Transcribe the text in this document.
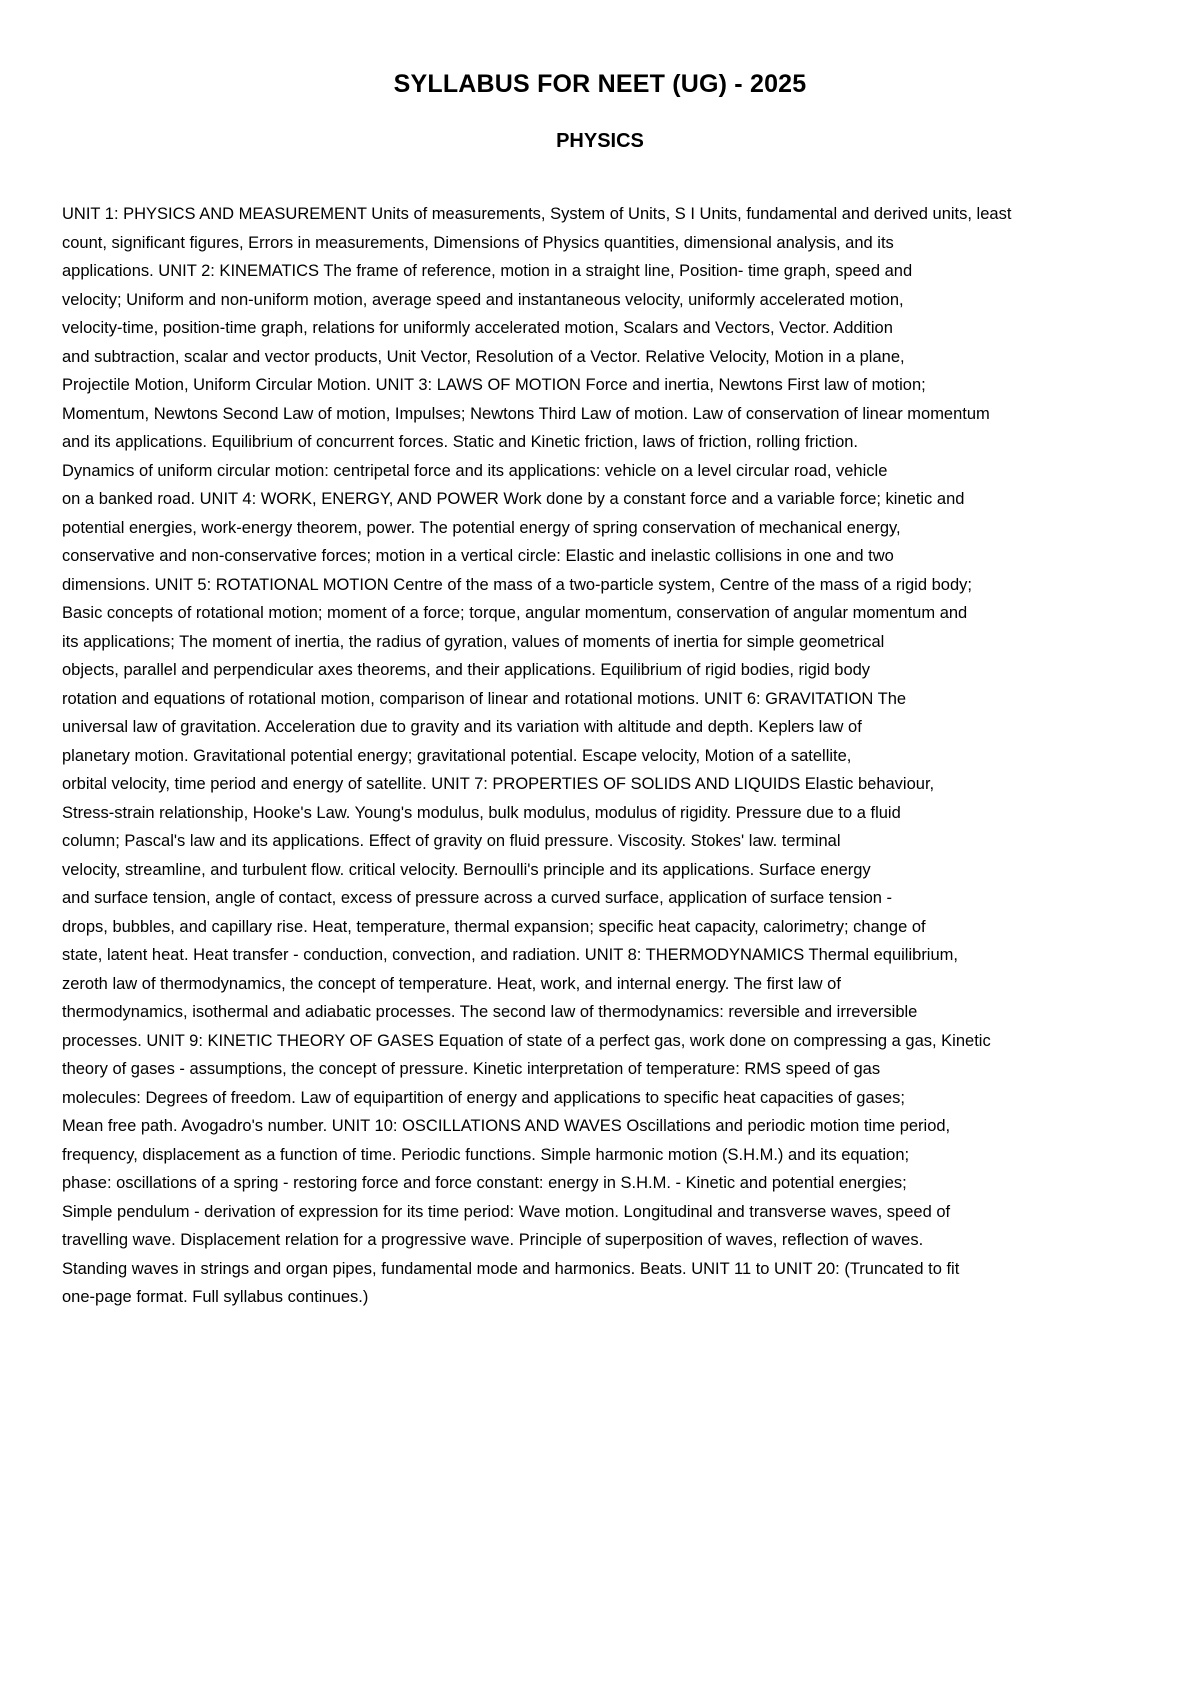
SYLLABUS FOR NEET (UG) - 2025
PHYSICS
UNIT 1: PHYSICS AND MEASUREMENT Units of measurements, System of Units, S I Units, fundamental and derived units, least
count, significant figures, Errors in measurements, Dimensions of Physics quantities, dimensional analysis, and its
applications. UNIT 2: KINEMATICS The frame of reference, motion in a straight line, Position- time graph, speed and
velocity; Uniform and non-uniform motion, average speed and instantaneous velocity, uniformly accelerated motion,
velocity-time, position-time graph, relations for uniformly accelerated motion, Scalars and Vectors, Vector. Addition
and subtraction, scalar and vector products, Unit Vector, Resolution of a Vector. Relative Velocity, Motion in a plane,
Projectile Motion, Uniform Circular Motion. UNIT 3: LAWS OF MOTION Force and inertia, Newtons First law of motion;
Momentum, Newtons Second Law of motion, Impulses; Newtons Third Law of motion. Law of conservation of linear momentum
and its applications. Equilibrium of concurrent forces. Static and Kinetic friction, laws of friction, rolling friction.
Dynamics of uniform circular motion: centripetal force and its applications: vehicle on a level circular road, vehicle
on a banked road. UNIT 4: WORK, ENERGY, AND POWER Work done by a constant force and a variable force; kinetic and
potential energies, work-energy theorem, power. The potential energy of spring conservation of mechanical energy,
conservative and non-conservative forces; motion in a vertical circle: Elastic and inelastic collisions in one and two
dimensions. UNIT 5: ROTATIONAL MOTION Centre of the mass of a two-particle system, Centre of the mass of a rigid body;
Basic concepts of rotational motion; moment of a force; torque, angular momentum, conservation of angular momentum and
its applications; The moment of inertia, the radius of gyration, values of moments of inertia for simple geometrical
objects, parallel and perpendicular axes theorems, and their applications. Equilibrium of rigid bodies, rigid body
rotation and equations of rotational motion, comparison of linear and rotational motions. UNIT 6: GRAVITATION The
universal law of gravitation. Acceleration due to gravity and its variation with altitude and depth. Keplers law of
planetary motion. Gravitational potential energy; gravitational potential. Escape velocity, Motion of a satellite,
orbital velocity, time period and energy of satellite. UNIT 7: PROPERTIES OF SOLIDS AND LIQUIDS Elastic behaviour,
Stress-strain relationship, Hooke's Law. Young's modulus, bulk modulus, modulus of rigidity. Pressure due to a fluid
column; Pascal's law and its applications. Effect of gravity on fluid pressure. Viscosity. Stokes' law. terminal
velocity, streamline, and turbulent flow. critical velocity. Bernoulli's principle and its applications. Surface energy
and surface tension, angle of contact, excess of pressure across a curved surface, application of surface tension -
drops, bubbles, and capillary rise. Heat, temperature, thermal expansion; specific heat capacity, calorimetry; change of
state, latent heat. Heat transfer - conduction, convection, and radiation. UNIT 8: THERMODYNAMICS Thermal equilibrium,
zeroth law of thermodynamics, the concept of temperature. Heat, work, and internal energy. The first law of
thermodynamics, isothermal and adiabatic processes. The second law of thermodynamics: reversible and irreversible
processes. UNIT 9: KINETIC THEORY OF GASES Equation of state of a perfect gas, work done on compressing a gas, Kinetic
theory of gases - assumptions, the concept of pressure. Kinetic interpretation of temperature: RMS speed of gas
molecules: Degrees of freedom. Law of equipartition of energy and applications to specific heat capacities of gases;
Mean free path. Avogadro's number. UNIT 10: OSCILLATIONS AND WAVES Oscillations and periodic motion time period,
frequency, displacement as a function of time. Periodic functions. Simple harmonic motion (S.H.M.) and its equation;
phase: oscillations of a spring - restoring force and force constant: energy in S.H.M. - Kinetic and potential energies;
Simple pendulum - derivation of expression for its time period: Wave motion. Longitudinal and transverse waves, speed of
travelling wave. Displacement relation for a progressive wave. Principle of superposition of waves, reflection of waves.
Standing waves in strings and organ pipes, fundamental mode and harmonics. Beats. UNIT 11 to UNIT 20: (Truncated to fit
one-page format. Full syllabus continues.)
